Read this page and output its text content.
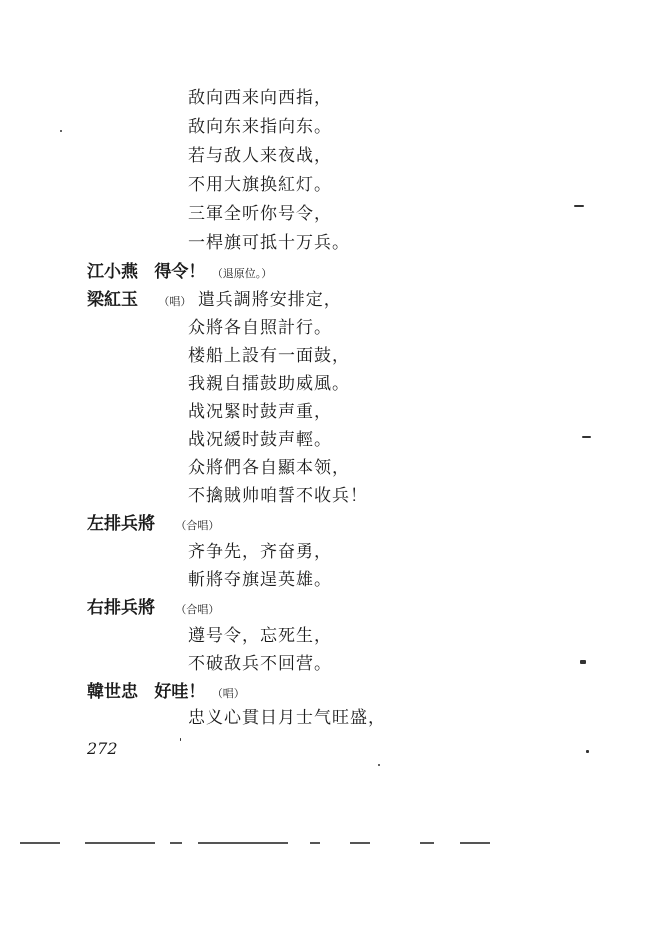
敌向西来向西指，
敌向东来指向东。
若与敌人来夜战，
不用大旗换紅灯。
三軍全听你号令，
一桿旗可抵十万兵。
江小燕 得令！ （退原位。）
梁紅玉 （唱） 遣兵調將安排定，
众將各自照計行。
楼船上設有一面鼓，
我親自擂鼓助威風。
战况緊时鼓声重，
战况緩时鼓声輕。
众將們各自顯本领，
不擒賊帅咱誓不收兵！
左排兵將 （合唱）
齐争先，齐奋勇，
斬將夺旗逞英雄。
右排兵將 （合唱）
遵号令，忘死生，
不破敌兵不回营。
韓世忠 好哇！ （唱）
忠义心貫日月士气旺盛，
272
